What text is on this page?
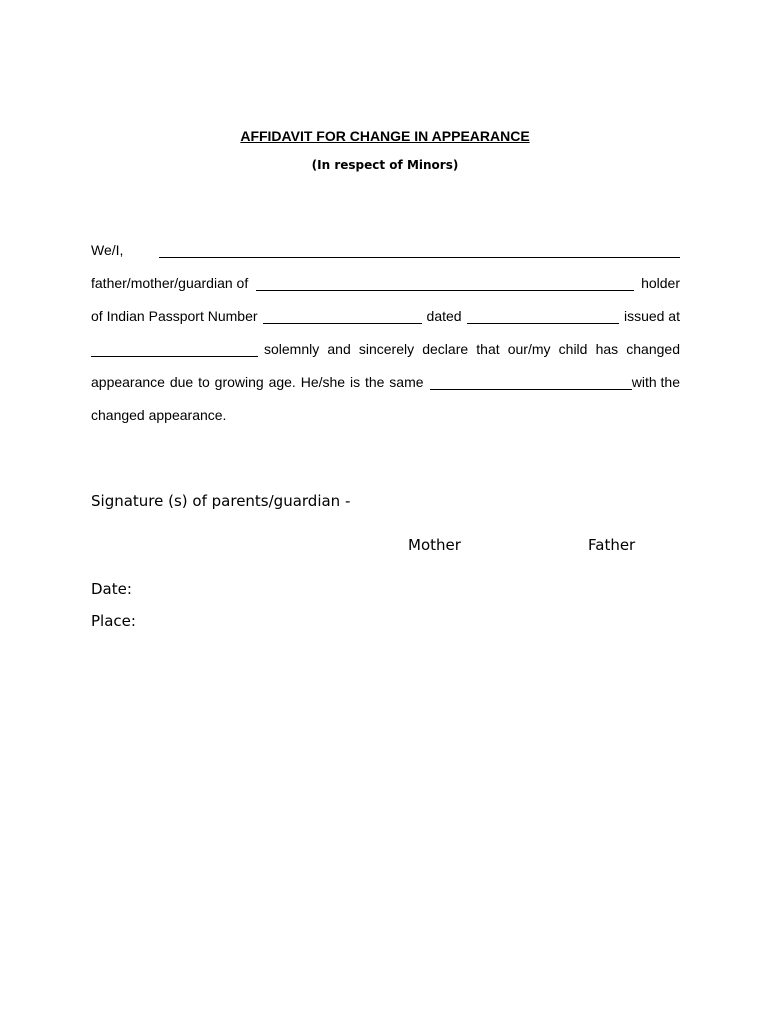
AFFIDAVIT FOR CHANGE IN APPEARANCE
(In respect of Minors)
We/I,
father/mother/guardian of	holder
of Indian Passport Number	dated	issued at
solemnly and sincerely declare that our/my child has changed
appearance due to growing age. He/she is the same	with the
changed appearance.
Signature (s) of parents/guardian -
Mother	Father
Date:
Place:
